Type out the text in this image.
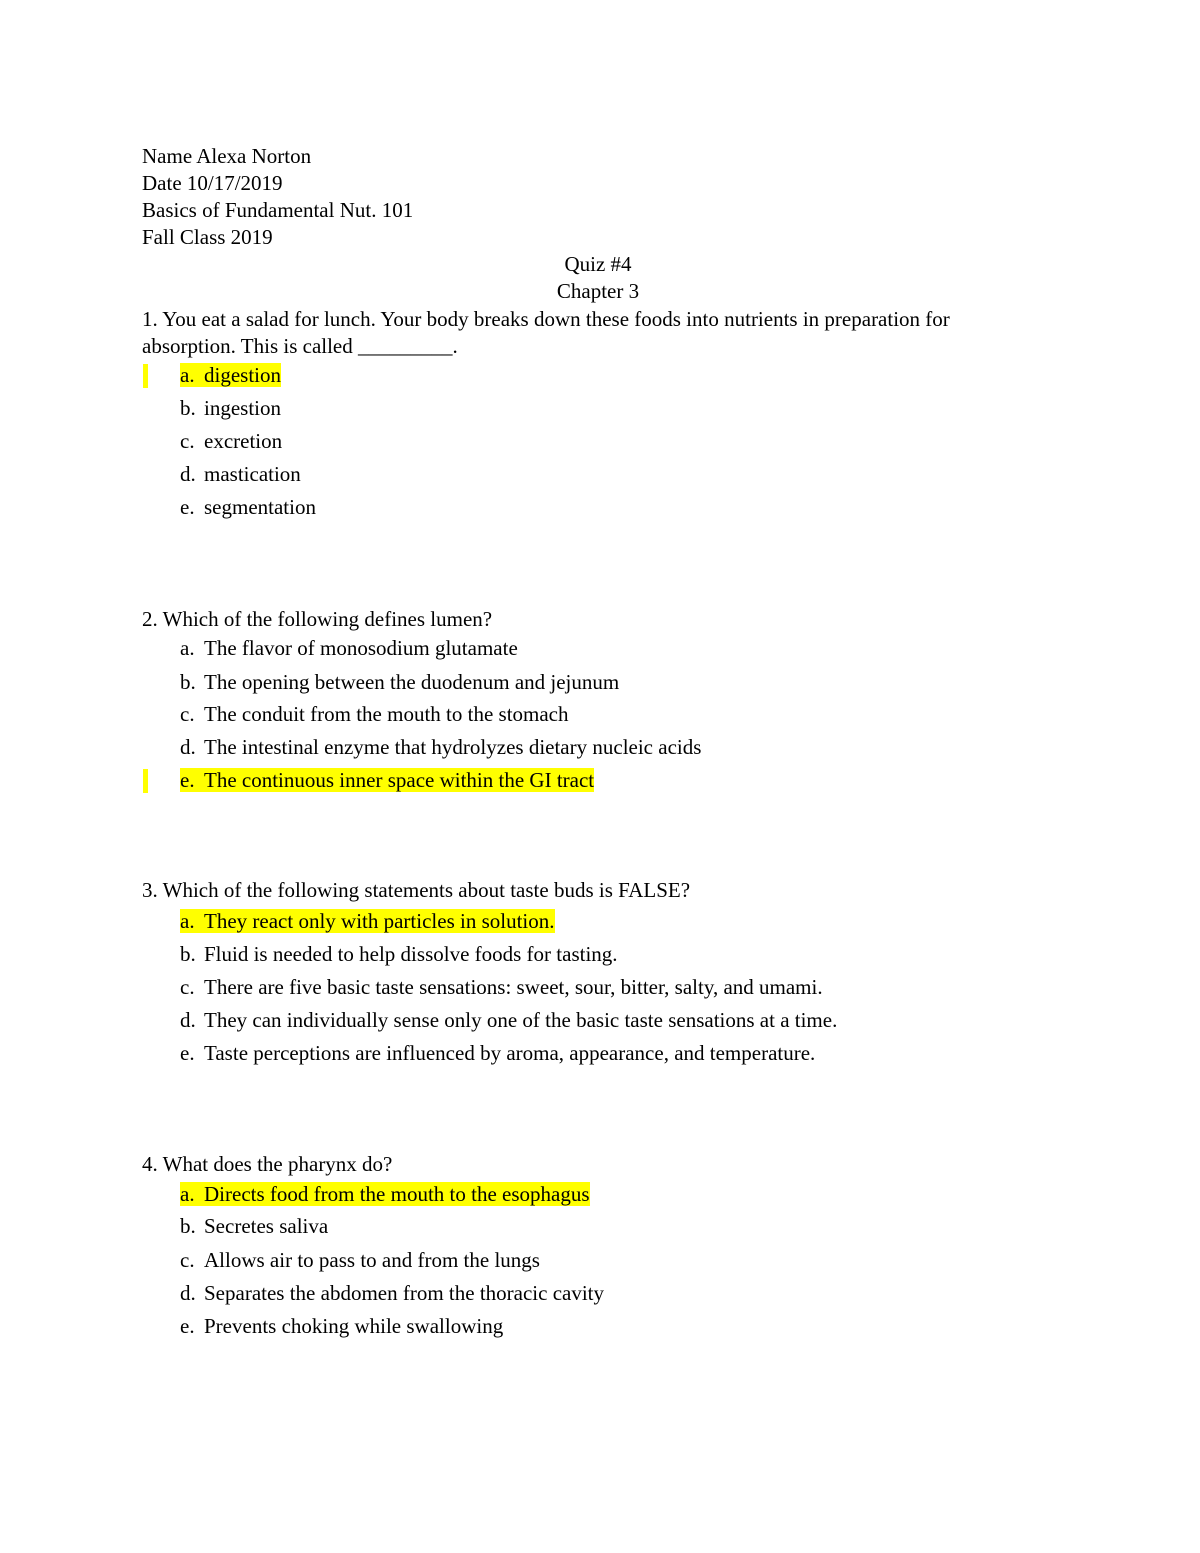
Name Alexa Norton
Date 10/17/2019
Basics of Fundamental Nut. 101
Fall Class 2019
Quiz #4
Chapter 3
1. You eat a salad for lunch. Your body breaks down these foods into nutrients in preparation for
absorption. This is called _________.
a. digestion
b. ingestion
c. excretion
d. mastication
e. segmentation
2. Which of the following defines lumen?
a. The flavor of monosodium glutamate
b. The opening between the duodenum and jejunum
c. The conduit from the mouth to the stomach
d. The intestinal enzyme that hydrolyzes dietary nucleic acids
e. The continuous inner space within the GI tract
3. Which of the following statements about taste buds is FALSE?
a. They react only with particles in solution.
b. Fluid is needed to help dissolve foods for tasting.
c. There are five basic taste sensations: sweet, sour, bitter, salty, and umami.
d. They can individually sense only one of the basic taste sensations at a time.
e. Taste perceptions are influenced by aroma, appearance, and temperature.
4. What does the pharynx do?
a. Directs food from the mouth to the esophagus
b. Secretes saliva
c. Allows air to pass to and from the lungs
d. Separates the abdomen from the thoracic cavity
e. Prevents choking while swallowing
